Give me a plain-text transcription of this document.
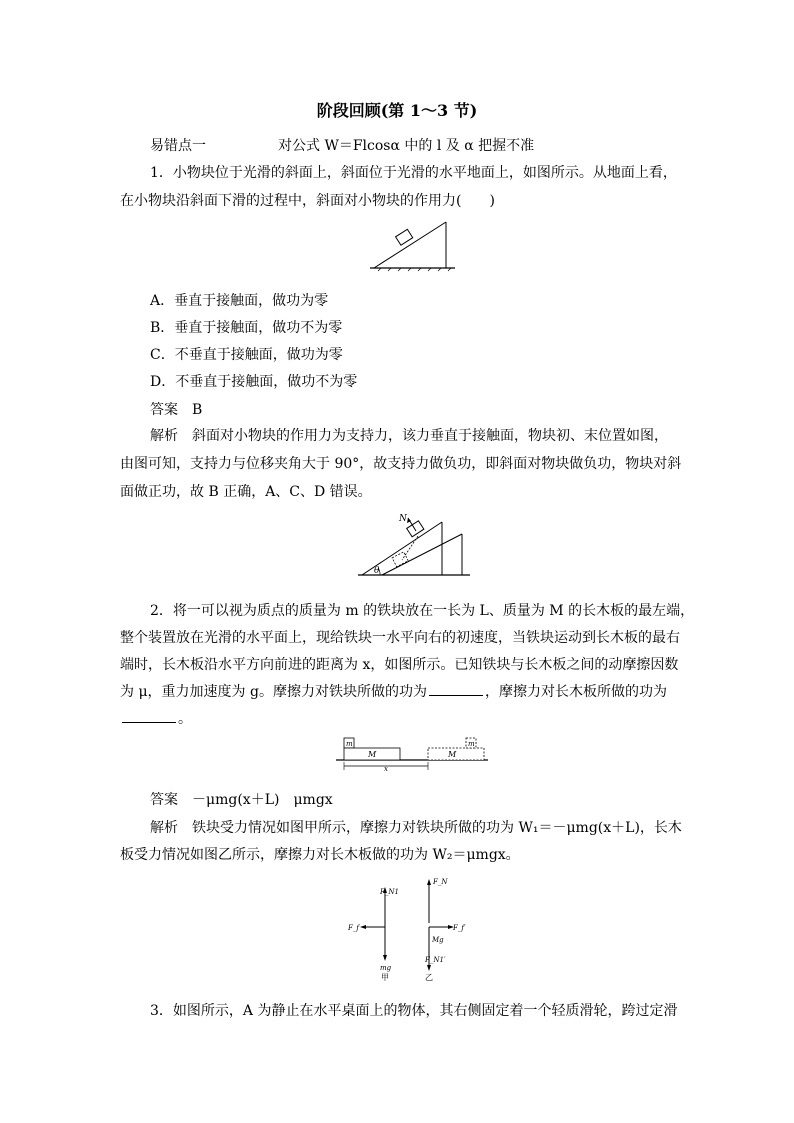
阶段回顾(第 1～3 节)
易错点一	对公式 W＝Flcosα 中的 l 及 α 把握不准
1．小物块位于光滑的斜面上，斜面位于光滑的水平地面上，如图所示。从地面上看，
在小物块沿斜面下滑的过程中，斜面对小物块的作用力(　　)
A．垂直于接触面，做功为零
B．垂直于接触面，做功不为零
C．不垂直于接触面，做功为零
D．不垂直于接触面，做功不为零
答案　B
解析　斜面对小物块的作用力为支持力，该力垂直于接触面，物块初、末位置如图，
由图可知，支持力与位移夹角大于 90°，故支持力做负功，即斜面对物块做负功，物块对斜
面做正功，故 B 正确，A、C、D 错误。
N
θ
2．将一可以视为质点的质量为 m 的铁块放在一长为 L、质量为 M 的长木板的最左端，
整个装置放在光滑的水平面上，现给铁块一水平向右的初速度，当铁块运动到长木板的最右
端时，长木板沿水平方向前进的距离为 x，如图所示。已知铁块与长木板之间的动摩擦因数
为 μ，重力加速度为 g。摩擦力对铁块所做的功为	，摩擦力对长木板所做的功为
。
m
M	M
m
x
答案　－μmg(x＋L)　μmgx
解析　铁块受力情况如图甲所示，摩擦力对铁块所做的功为 W₁＝－μmg(x＋L)，长木
板受力情况如图乙所示，摩擦力对长木板做的功为 W₂＝μmgx。
F_N1
F_f
mg
甲
F_N
F_f′
Mg
F_N1′
乙
3．如图所示，A 为静止在水平桌面上的物体，其右侧固定着一个轻质滑轮，跨过定滑
